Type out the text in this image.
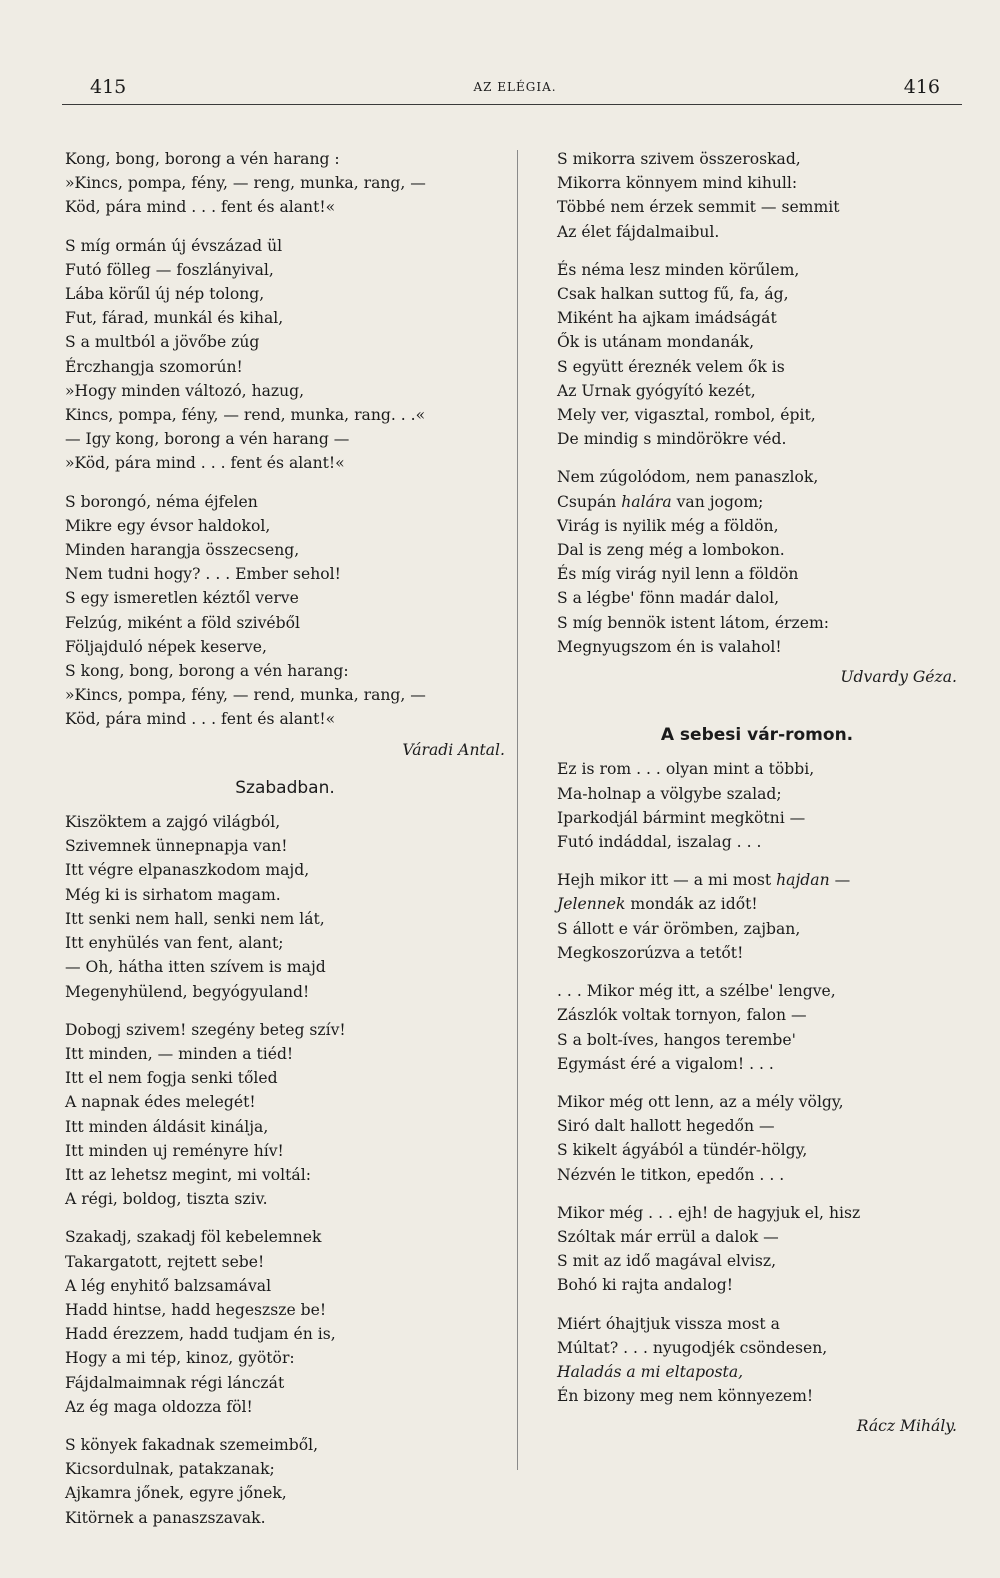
415	AZ ELÉGIA.	416
Kong, bong, borong a vén harang :
»Kincs, pompa, fény, — reng, munka, rang, —
Köd, pára mind . . . fent és alant!«
S míg ormán új évszázad ül
Futó fölleg — foszlányival,
Lába körűl új nép tolong,
Fut, fárad, munkál és kihal,
S a multból a jövőbe zúg
Érczhangja szomorún!
»Hogy minden változó, hazug,
Kincs, pompa, fény, — rend, munka, rang. . .«
— Igy kong, borong a vén harang —
»Köd, pára mind . . . fent és alant!«
S borongó, néma éjfelen
Mikre egy évsor haldokol,
Minden harangja összecseng,
Nem tudni hogy? . . . Ember sehol!
S egy ismeretlen kéztől verve
Felzúg, miként a föld szivéből
Följajduló népek keserve,
S kong, bong, borong a vén harang:
»Kincs, pompa, fény, — rend, munka, rang, —
Köd, pára mind . . . fent és alant!«
Váradi Antal.
Szabadban.
Kiszöktem a zajgó világból,
Szivemnek ünnepnapja van!
Itt végre elpanaszkodom majd,
Még ki is sirhatom magam.
Itt senki nem hall, senki nem lát,
Itt enyhülés van fent, alant;
— Oh, hátha itten szívem is majd
Megenyhülend, begyógyuland!
Dobogj szivem! szegény beteg szív!
Itt minden, — minden a tiéd!
Itt el nem fogja senki tőled
A napnak édes melegét!
Itt minden áldásit kinálja,
Itt minden uj reményre hív!
Itt az lehetsz megint, mi voltál:
A régi, boldog, tiszta sziv.
Szakadj, szakadj föl kebelemnek
Takargatott, rejtett sebe!
A lég enyhitő balzsamával
Hadd hintse, hadd hegeszsze be!
Hadd érezzem, hadd tudjam én is,
Hogy a mi tép, kinoz, gyötör:
Fájdalmaimnak régi lánczát
Az ég maga oldozza föl!
S könyek fakadnak szemeimből,
Kicsordulnak, patakzanak;
Ajkamra jőnek, egyre jőnek,
Kitörnek a panaszszavak.
S mikorra szivem összeroskad,
Mikorra könnyem mind kihull:
Többé nem érzek semmit — semmit
Az élet fájdalmaibul.
És néma lesz minden körűlem,
Csak halkan suttog fű, fa, ág,
Miként ha ajkam imádságát
Ők is utánam mondanák,
S együtt éreznék velem ők is
Az Urnak gyógyító kezét,
Mely ver, vigasztal, rombol, épit,
De mindig s mindörökre véd.
Nem zúgolódom, nem panaszlok,
Csupán halára van jogom;
Virág is nyilik még a földön,
Dal is zeng még a lombokon.
És míg virág nyil lenn a földön
S a légbe' fönn madár dalol,
S míg bennök istent látom, érzem:
Megnyugszom én is valahol!
Udvardy Géza.
A sebesi vár-romon.
Ez is rom . . . olyan mint a többi,
Ma-holnap a völgybe szalad;
Iparkodjál bármint megkötni —
Futó indáddal, iszalag . . .
Hejh mikor itt — a mi most hajdan —
Jelennek mondák az időt!
S állott e vár örömben, zajban,
Megkoszorúzva a tetőt!
. . . Mikor még itt, a szélbe' lengve,
Zászlók voltak tornyon, falon —
S a bolt-íves, hangos terembe'
Egymást éré a vigalom! . . .
Mikor még ott lenn, az a mély völgy,
Siró dalt hallott hegedőn —
S kikelt ágyából a tündér-hölgy,
Nézvén le titkon, epedőn . . .
Mikor még . . . ejh! de hagyjuk el, hisz
Szóltak már errül a dalok —
S mit az idő magával elvisz,
Bohó ki rajta andalog!
Miért óhajtjuk vissza most a
Múltat? . . . nyugodjék csöndesen,
Haladás a mi eltaposta,
Én bizony meg nem könnyezem!
Rácz Mihály.
